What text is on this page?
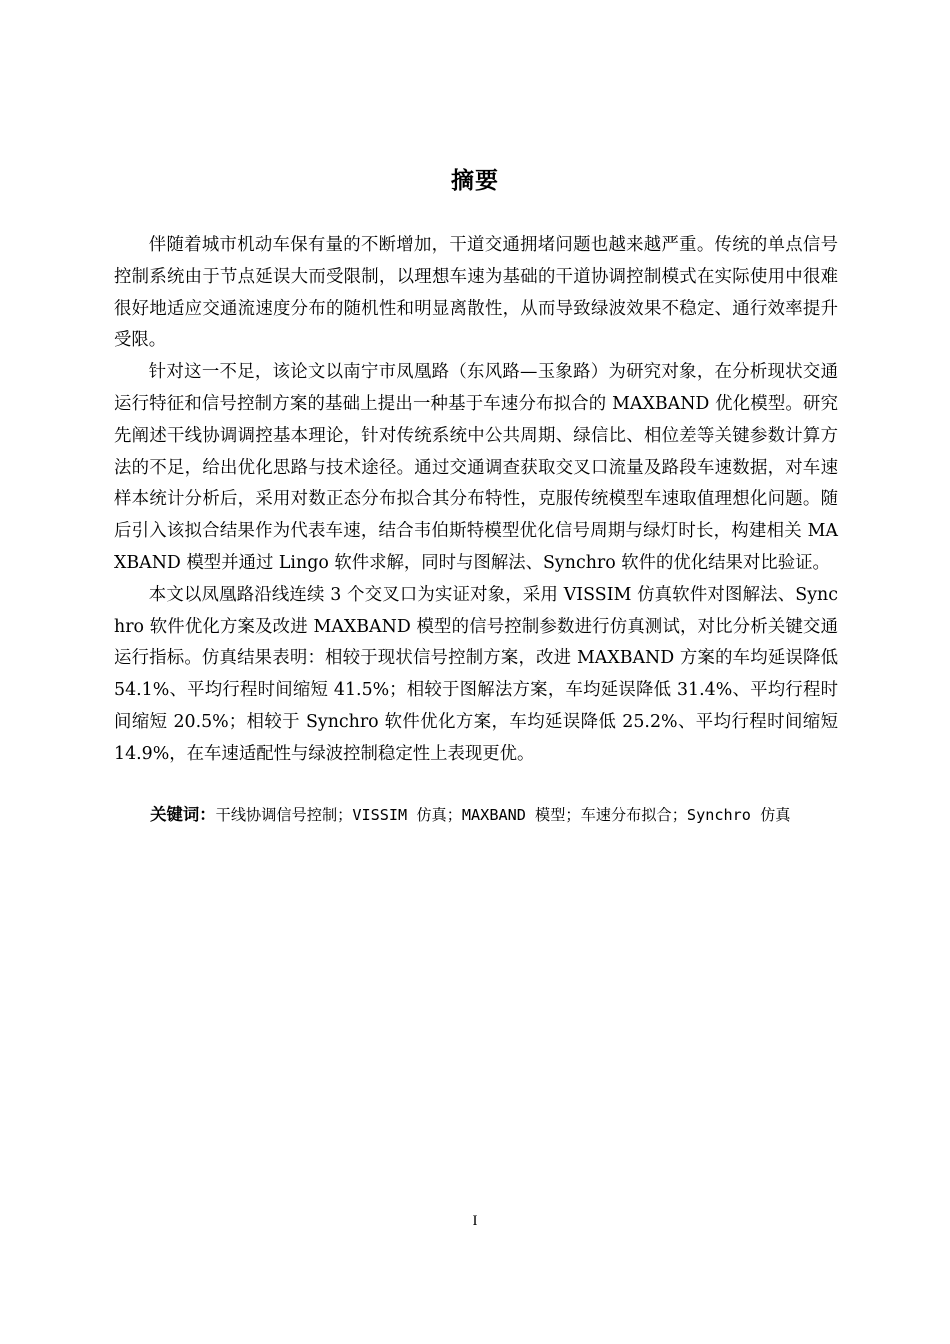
摘要

伴随着城市机动车保有量的不断增加，干道交通拥堵问题也越来越严重。传统的单点信号控制系统由于节点延误大而受限制，以理想车速为基础的干道协调控制模式在实际使用中很难很好地适应交通流速度分布的随机性和明显离散性，从而导致绿波效果不稳定、通行效率提升受限。

针对这一不足，该论文以南宁市凤凰路（东风路—玉象路）为研究对象，在分析现状交通运行特征和信号控制方案的基础上提出一种基于车速分布拟合的 MAXBAND 优化模型。研究先阐述干线协调调控基本理论，针对传统系统中公共周期、绿信比、相位差等关键参数计算方法的不足，给出优化思路与技术途径。通过交通调查获取交叉口流量及路段车速数据，对车速样本统计分析后，采用对数正态分布拟合其分布特性，克服传统模型车速取值理想化问题。随后引入该拟合结果作为代表车速，结合韦伯斯特模型优化信号周期与绿灯时长，构建相关 MAXBAND 模型并通过 Lingo 软件求解，同时与图解法、Synchro 软件的优化结果对比验证。

本文以凤凰路沿线连续 3 个交叉口为实证对象，采用 VISSIM 仿真软件对图解法、Synchro 软件优化方案及改进 MAXBAND 模型的信号控制参数进行仿真测试，对比分析关键交通运行指标。仿真结果表明：相较于现状信号控制方案，改进 MAXBAND 方案的车均延误降低 54.1%、平均行程时间缩短 41.5%；相较于图解法方案，车均延误降低 31.4%、平均行程时间缩短 20.5%；相较于 Synchro 软件优化方案，车均延误降低 25.2%、平均行程时间缩短 14.9%，在车速适配性与绿波控制稳定性上表现更优。

关键词：干线协调信号控制；VISSIM 仿真；MAXBAND 模型；车速分布拟合；Synchro 仿真

I
